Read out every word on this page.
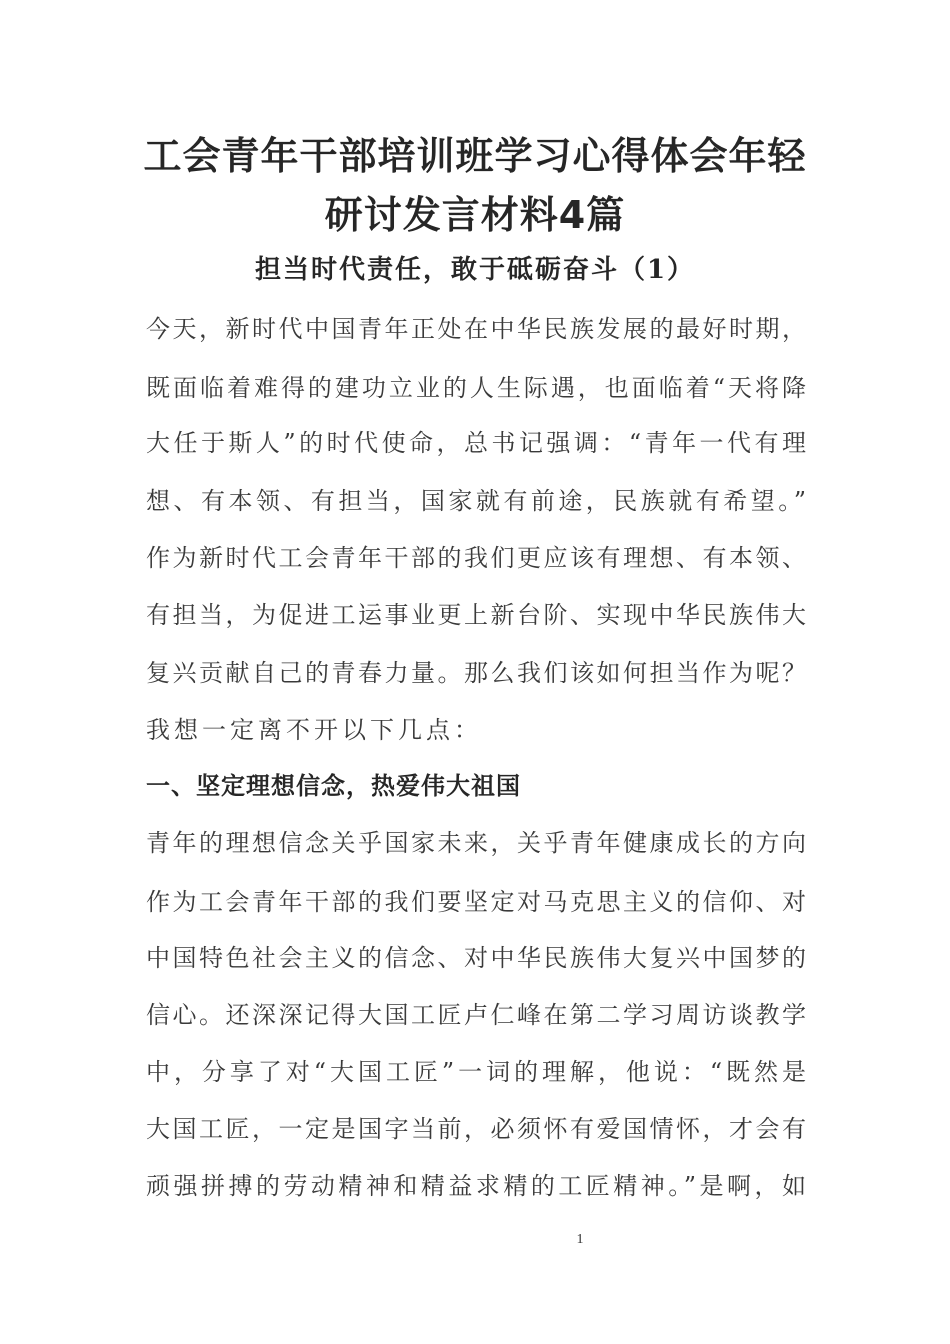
工会青年干部培训班学习心得体会年轻
研讨发言材料4篇
担当时代责任，敢于砥砺奋斗（1）
今天，新时代中国青年正处在中华民族发展的最好时期，
既面临着难得的建功立业的人生际遇，也面临着“天将降
大任于斯人”的时代使命，总书记强调：“青年一代有理
想、有本领、有担当，国家就有前途，民族就有希望。”
作为新时代工会青年干部的我们更应该有理想、有本领、
有担当，为促进工运事业更上新台阶、实现中华民族伟大
复兴贡献自己的青春力量。那么我们该如何担当作为呢？
我想一定离不开以下几点：
一、坚定理想信念，热爱伟大祖国
青年的理想信念关乎国家未来，关乎青年健康成长的方向
作为工会青年干部的我们要坚定对马克思主义的信仰、对
中国特色社会主义的信念、对中华民族伟大复兴中国梦的
信心。还深深记得大国工匠卢仁峰在第二学习周访谈教学
中，分享了对“大国工匠”一词的理解，他说：“既然是
大国工匠，一定是国字当前，必须怀有爱国情怀，才会有
顽强拼搏的劳动精神和精益求精的工匠精神。”是啊，如
1
